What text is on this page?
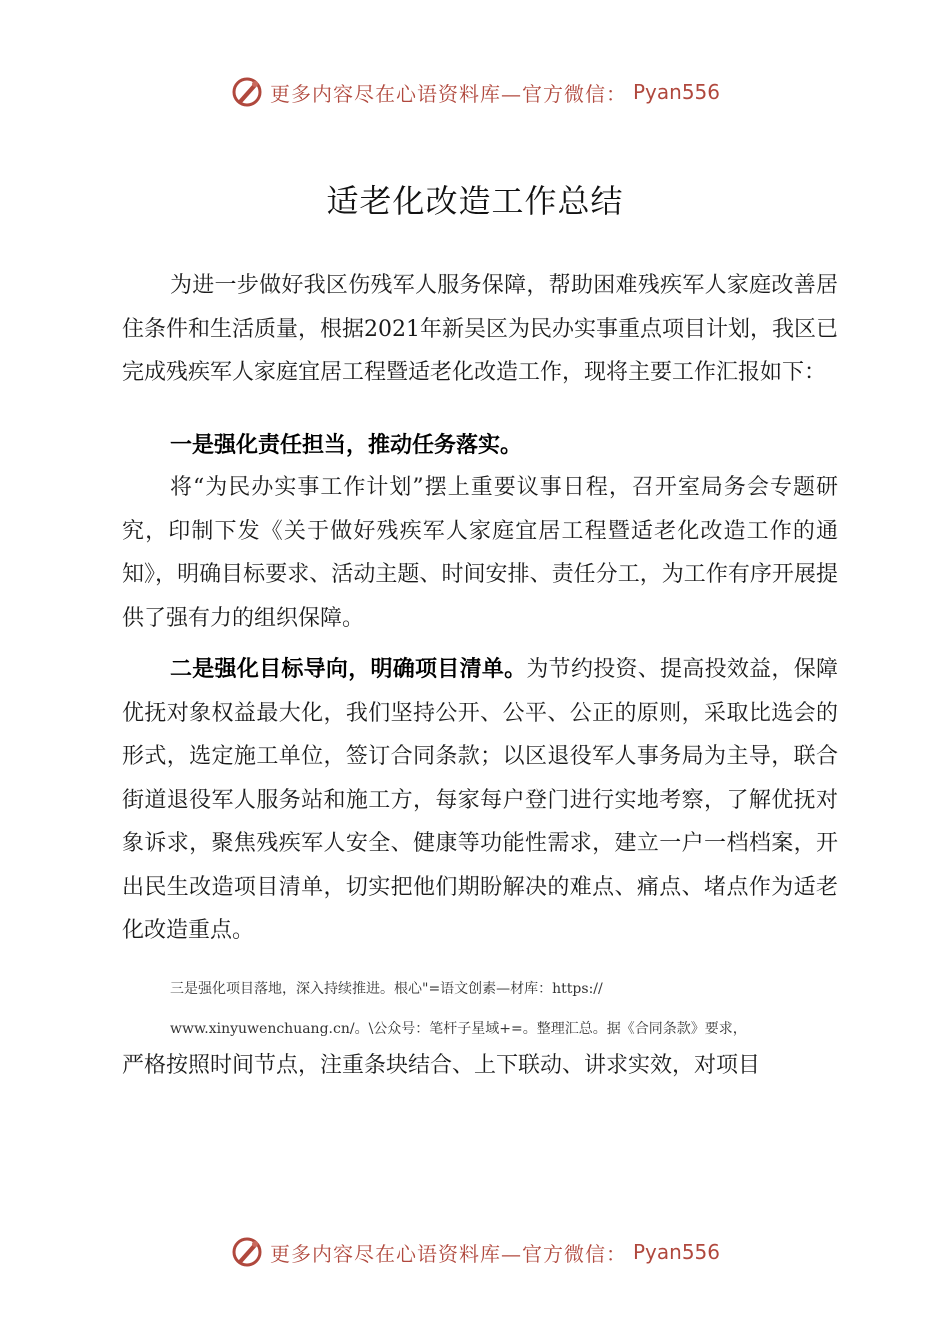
更多内容尽在心语资料库—官方微信： Pyan556
适老化改造工作总结
为进一步做好我区伤残军人服务保障，帮助困难残疾军人家庭改善居住条件和生活质量，根据2021年新吴区为民办实事重点项目计划，我区已完成残疾军人家庭宜居工程暨适老化改造工作，现将主要工作汇报如下：
一是强化责任担当，推动任务落实。
将“为民办实事工作计划”摆上重要议事日程，召开室局务会专题研究，印制下发《关于做好残疾军人家庭宜居工程暨适老化改造工作的通知》，明确目标要求、活动主题、时间安排、责任分工，为工作有序开展提供了强有力的组织保障。
二是强化目标导向，明确项目清单。为节约投资、提高投效益，保障优抚对象权益最大化，我们坚持公开、公平、公正的原则，采取比选会的形式，选定施工单位，签订合同条款；以区退役军人事务局为主导，联合街道退役军人服务站和施工方，每家每户登门进行实地考察，了解优抚对象诉求，聚焦残疾军人安全、健康等功能性需求，建立一户一档档案，开出民生改造项目清单，切实把他们期盼解决的难点、痛点、堵点作为适老化改造重点。
三是强化项目落地，深入持续推进。根心"=语文创素—材库：https://
www.xinyuwenchuang.cn/。\公众号：笔杆子星域+=。整理汇总。据《合同条款》要求，
严格按照时间节点，注重条块结合、上下联动、讲求实效，对项目
更多内容尽在心语资料库—官方微信： Pyan556
